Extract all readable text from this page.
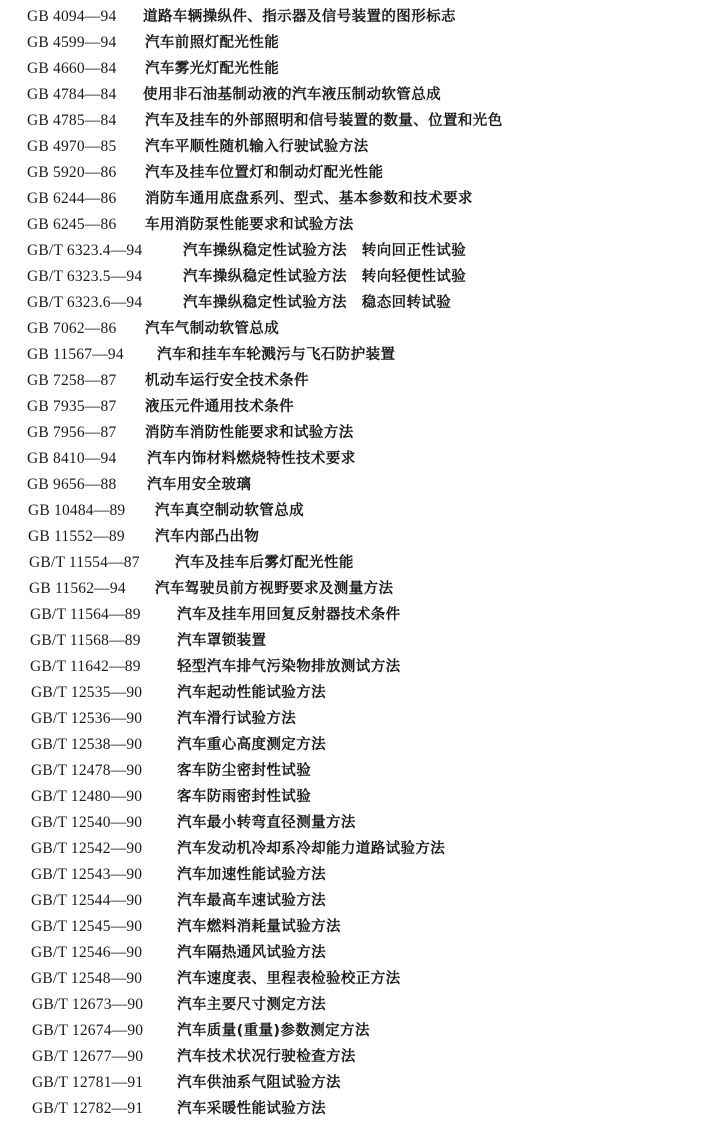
GB 4094—94 道路车辆操纵件、指示器及信号装置的图形标志
GB 4599—94 汽车前照灯配光性能
GB 4660—84 汽车雾光灯配光性能
GB 4784—84 使用非石油基制动液的汽车液压制动软管总成
GB 4785—84 汽车及挂车的外部照明和信号装置的数量、位置和光色
GB 4970—85 汽车平顺性随机输入行驶试验方法
GB 5920—86 汽车及挂车位置灯和制动灯配光性能
GB 6244—86 消防车通用底盘系列、型式、基本参数和技术要求
GB 6245—86 车用消防泵性能要求和试验方法
GB/T 6323.4—94	汽车操纵稳定性试验方法　转向回正性试验
GB/T 6323.5—94	汽车操纵稳定性试验方法　转向轻便性试验
GB/T 6323.6—94	汽车操纵稳定性试验方法　稳态回转试验
GB 7062—86 汽车气制动软管总成
GB 11567—94 汽车和挂车车轮溅污与飞石防护装置
GB 7258—87 机动车运行安全技术条件
GB 7935—87 液压元件通用技术条件
GB 7956—87 消防车消防性能要求和试验方法
GB 8410—94 汽车内饰材料燃烧特性技术要求
GB 9656—88 汽车用安全玻璃
GB 10484—89 汽车真空制动软管总成
GB 11552—89 汽车内部凸出物
GB/T 11554—87 汽车及挂车后雾灯配光性能
GB 11562—94 汽车驾驶员前方视野要求及测量方法
GB/T 11564—89	汽车及挂车用回复反射器技术条件
GB/T 11568—89	汽车罩锁装置
GB/T 11642—89	轻型汽车排气污染物排放测试方法
GB/T 12535—90 汽车起动性能试验方法
GB/T 12536—90 汽车滑行试验方法
GB/T 12538—90 汽车重心高度测定方法
GB/T 12478—90 客车防尘密封性试验
GB/T 12480—90 客车防雨密封性试验
GB/T 12540—90 汽车最小转弯直径测量方法
GB/T 12542—90 汽车发动机冷却系冷却能力道路试验方法
GB/T 12543—90 汽车加速性能试验方法
GB/T 12544—90 汽车最高车速试验方法
GB/T 12545—90 汽车燃料消耗量试验方法
GB/T 12546—90 汽车隔热通风试验方法
GB/T 12548—90 汽车速度表、里程表检验校正方法
GB/T 12673—90 汽车主要尺寸测定方法
GB/T 12674—90 汽车质量(重量)参数测定方法
GB/T 12677—90 汽车技术状况行驶检查方法
GB/T 12781—91 汽车供油系气阻试验方法
GB/T 12782—91 汽车采暖性能试验方法
